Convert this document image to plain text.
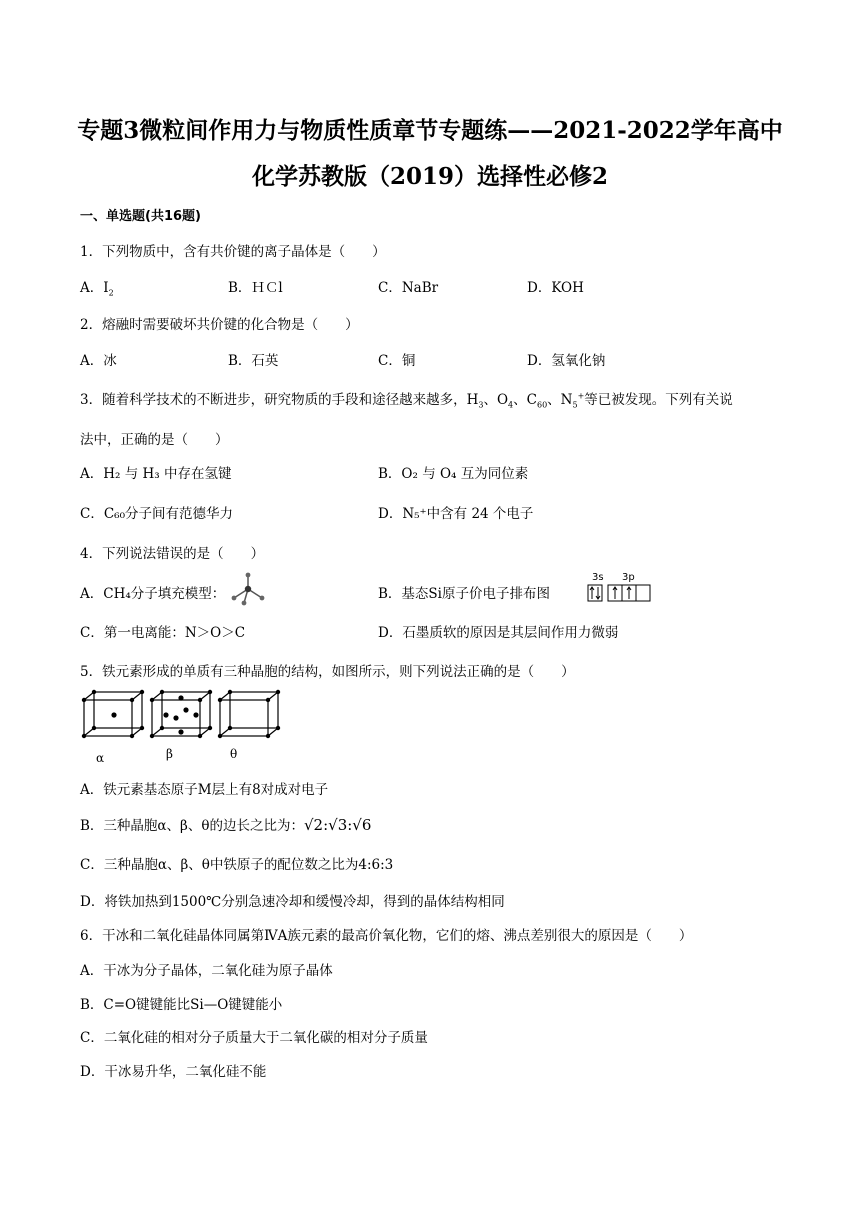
专题3微粒间作用力与物质性质章节专题练——2021-2022学年高中
化学苏教版（2019）选择性必修2
一、单选题(共16题)
1．下列物质中，含有共价键的离子晶体是（　　）
A．$I_2$	B．ＨＣl	C．NaBr	D．KOH
2．熔融时需要破坏共价键的化合物是（　　）
A．冰	B．石英	C．铜	D．氢氧化钠
3．随着科学技术的不断进步，研究物质的手段和途径越来越多，$H_3$、$O_4$、$C_{60}$、$N_5^+$等已被发现。下列有关说
法中，正确的是（　　）
A．H₂ 与 H₃ 中存在氢键	B．O₂ 与 O₄ 互为同位素
C．C₆₀分子间有范德华力	D．N₅⁺中含有 24 个电子
4．下列说法错误的是（　　）
A．CH₄分子填充模型：	B．基态Si原子价电子排布图
3s 3p
C．第一电离能：N＞O＞C	D．石墨质软的原因是其层间作用力微弱
5．铁元素形成的单质有三种晶胞的结构，如图所示，则下列说法正确的是（　　）
α	β	θ
A．铁元素基态原子M层上有8对成对电子
B．三种晶胞α、β、θ的边长之比为：√2:√3:√6
C．三种晶胞α、β、θ中铁原子的配位数之比为4:6:3
D．将铁加热到1500℃分别急速冷却和缓慢冷却，得到的晶体结构相同
6．干冰和二氧化硅晶体同属第ⅣA族元素的最高价氧化物，它们的熔、沸点差别很大的原因是（　　）
A．干冰为分子晶体，二氧化硅为原子晶体
B．C=O键键能比Si—O键键能小
C．二氧化硅的相对分子质量大于二氧化碳的相对分子质量
D．干冰易升华，二氧化硅不能
